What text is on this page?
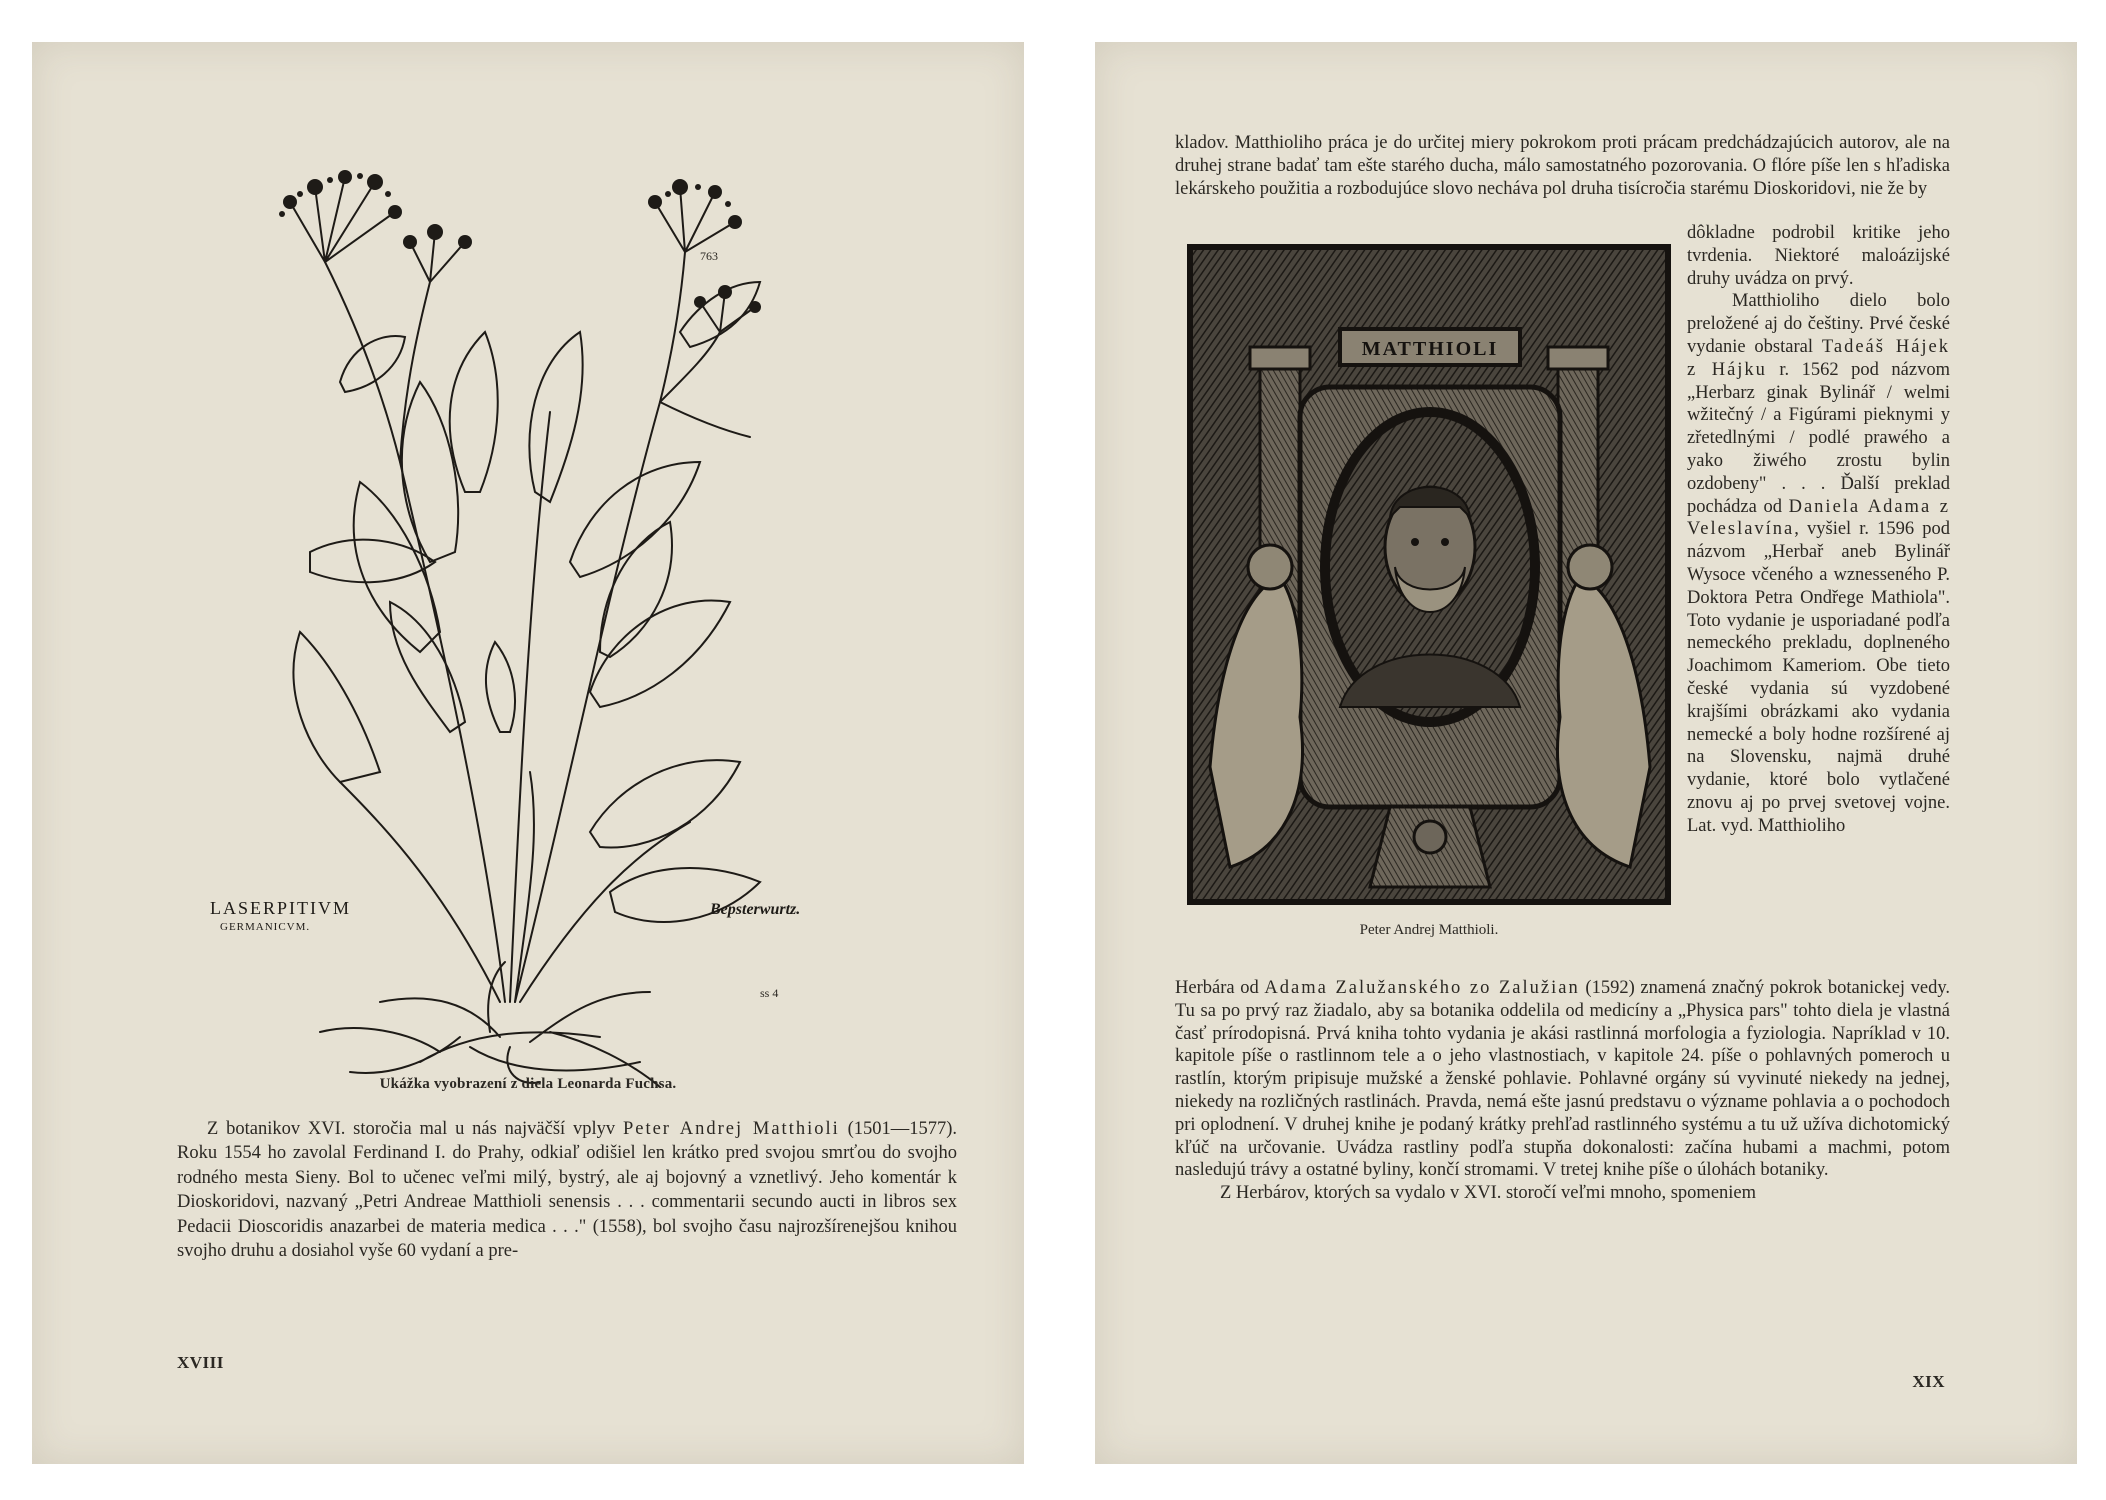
763
LASERPITIVM
GERMANICVM.
Bepsterwurtz.
ss 4
Ukážka vyobrazení z diela Leonarda Fuchsa.

Z botanikov XVI. storočia mal u nás najväčší vplyv Peter Andrej Matthioli (1501—1577). Roku 1554 ho zavolal Ferdinand I. do Prahy, odkiaľ odišiel len krátko pred svojou smrťou do svojho rodného mesta Sieny. Bol to učenec veľmi milý, bystrý, ale aj bojovný a vznetlivý. Jeho komentár k Dioskoridovi, nazvaný „Petri Andreae Matthioli senensis . . . commentarii secundo aucti in libros sex Pedacii Dioscoridis anazarbei de materia medica . . ." (1558), bol svojho času najrozšírenejšou knihou svojho druhu a dosiahol vyše 60 vydaní a pre-

XVIII

kladov. Matthioliho práca je do určitej miery pokrokom proti prácam predchádzajúcich autorov, ale na druhej strane badať tam ešte starého ducha, málo samostatného pozorovania. O flóre píše len s hľadiska lekárskeho použitia a rozbodujúce slovo necháva pol druha tisícročia starému Dioskoridovi, nie že by

MATTHIOLI
Peter Andrej Matthioli.

dôkladne podrobil kritike jeho tvrdenia. Niektoré maloázijské druhy uvádza on prvý.

Matthioliho dielo bolo preložené aj do češtiny. Prvé české vydanie obstaral Tadeáš Hájek z Hájku r. 1562 pod názvom „Herbarz ginak Bylinář / welmi wžitečný / a Figúrami pieknymi y zřetedlnými / podlé prawého a yako žiwého zrostu bylin ozdobeny" . . . Ďalší preklad pochádza od Daniela Adama z Veleslavína, vyšiel r. 1596 pod názvom „Herbař aneb Bylinář Wysoce včeného a wznesseného P. Doktora Petra Ondřege Mathiola". Toto vydanie je usporiadané podľa nemeckého prekladu, doplneného Joachimom Kameriom. Obe tieto české vydania sú vyzdobené krajšími obrázkami ako vydania nemecké a boly hodne rozšírené aj na Slovensku, najmä druhé vydanie, ktoré bolo vytlačené znovu aj po prvej svetovej vojne. Lat. vyd. Matthioliho

Herbára od Adama Zalužanského zo Zalužian (1592) znamená značný pokrok botanickej vedy. Tu sa po prvý raz žiadalo, aby sa botanika oddelila od medicíny a „Physica pars" tohto diela je vlastná časť prírodopisná. Prvá kniha tohto vydania je akási rastlinná morfologia a fyziologia. Napríklad v 10. kapitole píše o rastlinnom tele a o jeho vlastnostiach, v kapitole 24. píše o pohlavných pomeroch u rastlín, ktorým pripisuje mužské a ženské pohlavie. Pohlavné orgány sú vyvinuté niekedy na jednej, niekedy na rozličných rastlinách. Pravda, nemá ešte jasnú predstavu o význame pohlavia a o pochodoch pri oplodnení. V druhej knihe je podaný krátky prehľad rastlinného systému a tu už užíva dichotomický kľúč na určovanie. Uvádza rastliny podľa stupňa dokonalosti: začína hubami a machmi, potom nasledujú trávy a ostatné byliny, končí stromami. V tretej knihe píše o úlohách botaniky.

Z Herbárov, ktorých sa vydalo v XVI. storočí veľmi mnoho, spomeniem

XIX
